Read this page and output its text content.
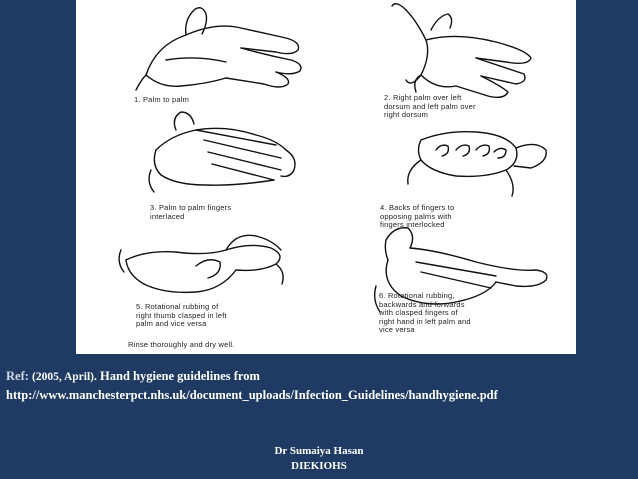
1. Palm to palm	2. Right palm over left
dorsum and left palm over
right dorsum
3. Palm to palm fingers
interlaced
4. Backs of fingers to
opposing palms with
fingers interlocked
5. Rotational rubbing of
right thumb clasped in left
palm and vice versa
6. Rotational rubbing,
backwards and forwards
with clasped fingers of
right hand in left palm and
vice versa
Rinse thoroughly and dry well.
Ref: (2005, April). Hand hygiene guidelines from
http://www.manchesterpct.nhs.uk/document_uploads/Infection_Guidelines/handhygiene.pdf
Dr Sumaiya Hasan
DIEKIOHS
